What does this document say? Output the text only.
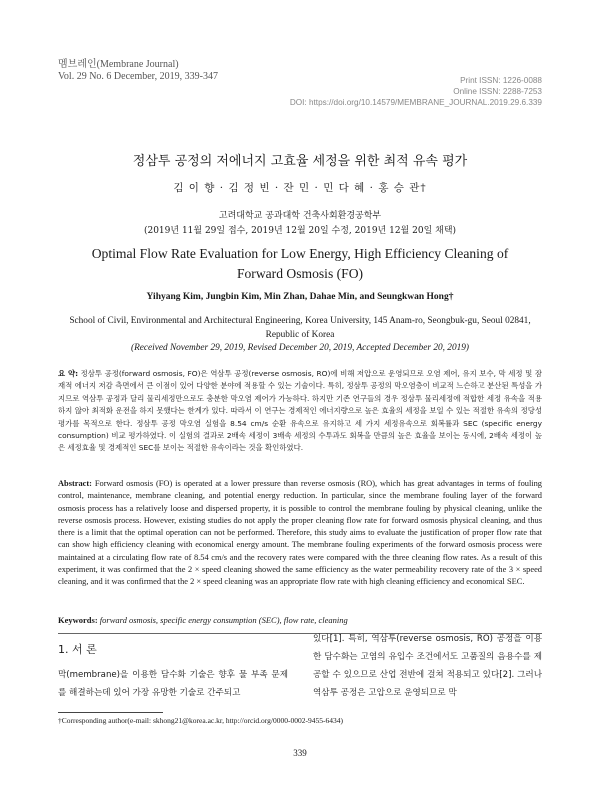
멤브레인(Membrane Journal)
Vol. 29 No. 6 December, 2019, 339-347	Print ISSN: 1226-0088
Online ISSN: 2288-7253
DOI: https://doi.org/10.14579/MEMBRANE_JOURNAL.2019.29.6.339
정삼투 공정의 저에너지 고효율 세정을 위한 최적 유속 평가
김 이 향 · 김 정 빈 · 잔 민 · 민 다 혜 · 홍 승 관†
고려대학교 공과대학 건축사회환경공학부
(2019년 11월 29일 접수, 2019년 12월 20일 수정, 2019년 12월 20일 채택)
Optimal Flow Rate Evaluation for Low Energy, High Efficiency Cleaning of
Forward Osmosis (FO)
Yihyang Kim, Jungbin Kim, Min Zhan, Dahae Min, and Seungkwan Hong†
School of Civil, Environmental and Architectural Engineering, Korea University, 145 Anam-ro, Seongbuk-gu, Seoul 02841,
Republic of Korea
(Received November 29, 2019, Revised December 20, 2019, Accepted December 20, 2019)
요 약: 정삼투 공정(forward osmosis, FO)은 역삼투 공정(reverse osmosis, RO)에 비해 저압으로 운영되므로 오염 제어, 유지 보수, 막 세정 및 잠재적 에너지 저감 측면에서 큰 이점이 있어 다양한 분야에 적용할 수 있는 기술이다. 특히, 정삼투 공정의 막오염층이 비교적 느슨하고 분산된 특성을 가지므로 역삼투 공정과 달리 물리세정만으로도 충분한 막오염 제어가 가능하다. 하지만 기존 연구들의 경우 정삼투 물리세정에 적합한 세정 유속을 적용하지 않아 최적화 운전을 하지 못했다는 한계가 있다. 따라서 이 연구는 경제적인 에너지량으로 높은 효율의 세정을 보일 수 있는 적절한 유속의 정당성 평가를 목적으로 한다. 정삼투 공정 막오염 실험을 8.54 cm/s 순환 유속으로 유지하고 세 가지 세정유속으로 회복률과 SEC (specific energy consumption) 비교 평가하였다. 이 실험의 결과로 2배속 세정이 3배속 세정의 수투과도 회복을 만큼의 높은 효율을 보이는 동시에, 2배속 세정이 높은 세정효율 및 경제적인 SEC를 보이는 적절한 유속이라는 것을 확인하였다.
Abstract: Forward osmosis (FO) is operated at a lower pressure than reverse osmosis (RO), which has great advantages in terms of fouling control, maintenance, membrane cleaning, and potential energy reduction. In particular, since the membrane fouling layer of the forward osmosis process has a relatively loose and dispersed property, it is possible to control the membrane fouling by physical cleaning, unlike the reverse osmosis process. However, existing studies do not apply the proper cleaning flow rate for forward osmosis physical cleaning, and thus there is a limit that the optimal operation can not be performed. Therefore, this study aims to evaluate the justification of proper flow rate that can show high efficiency cleaning with economical energy amount. The membrane fouling experiments of the forward osmosis process were maintained at a circulating flow rate of 8.54 cm/s and the recovery rates were compared with the three cleaning flow rates. As a result of this experiment, it was confirmed that the 2 × speed cleaning showed the same efficiency as the water permeability recovery rate of the 3 × speed cleaning, and it was confirmed that the 2 × speed cleaning was an appropriate flow rate with high cleaning efficiency and economical SEC.
Keywords: forward osmosis, specific energy consumption (SEC), flow rate, cleaning
1. 서 론
막(membrane)을 이용한 담수화 기술은 향후 물 부족 문제를 해결하는데 있어 가장 유망한 기술로 간주되고
있다[1]. 특히, 역삼투(reverse osmosis, RO) 공정을 이용한 담수화는 고염의 유입수 조건에서도 고품질의 음용수를 제공할 수 있으므로 산업 전반에 걸쳐 적용되고 있다[2]. 그러나 역삼투 공정은 고압으로 운영되므로 막
†Corresponding author(e-mail: skhong21@korea.ac.kr, http://orcid.org/0000-0002-9455-6434)
339
